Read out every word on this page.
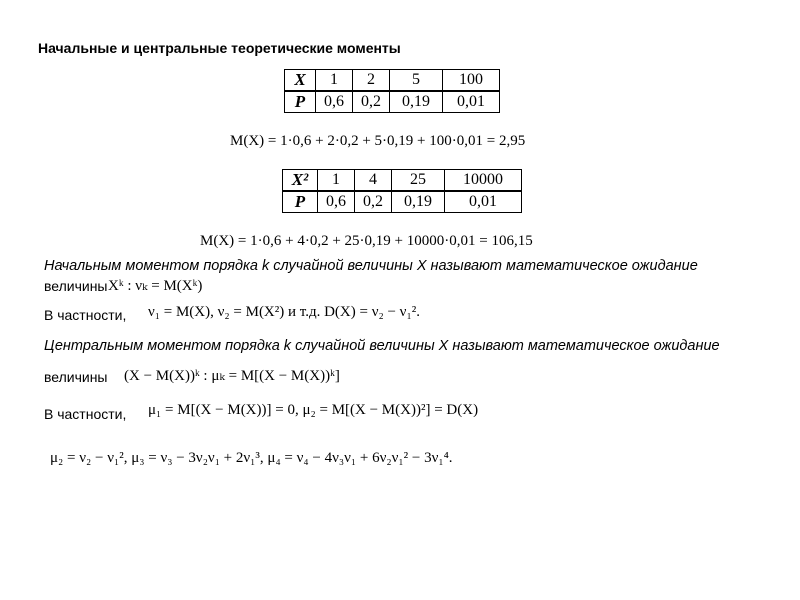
Начальные и центральные теоретические моменты
X	1	2	5	100
P	0,6	0,2	0,19	0,01
M(X) = 1·0,6 + 2·0,2 + 5·0,19 + 100·0,01 = 2,95
X²	1	4	25	10000
P	0,6	0,2	0,19	0,01
M(X) = 1·0,6 + 4·0,2 + 25·0,19 + 10000·0,01 = 106,15
Начальным моментом порядка k случайной величины X называют математическое ожидание
величины Xᵏ : νₖ = M(Xᵏ)
В частности, ν₁ = M(X), ν₂ = M(X²) и т.д. D(X) = ν₂ − ν₁².
Центральным моментом порядка k случайной величины X называют математическое ожидание
величины (X − M(X))ᵏ : μₖ = M[(X − M(X))ᵏ]
В частности, μ₁ = M[(X − M(X))] = 0, μ₂ = M[(X − M(X))²] = D(X)
μ₂ = ν₂ − ν₁², μ₃ = ν₃ − 3ν₂ν₁ + 2ν₁³, μ₄ = ν₄ − 4ν₃ν₁ + 6ν₂ν₁² − 3ν₁⁴.
